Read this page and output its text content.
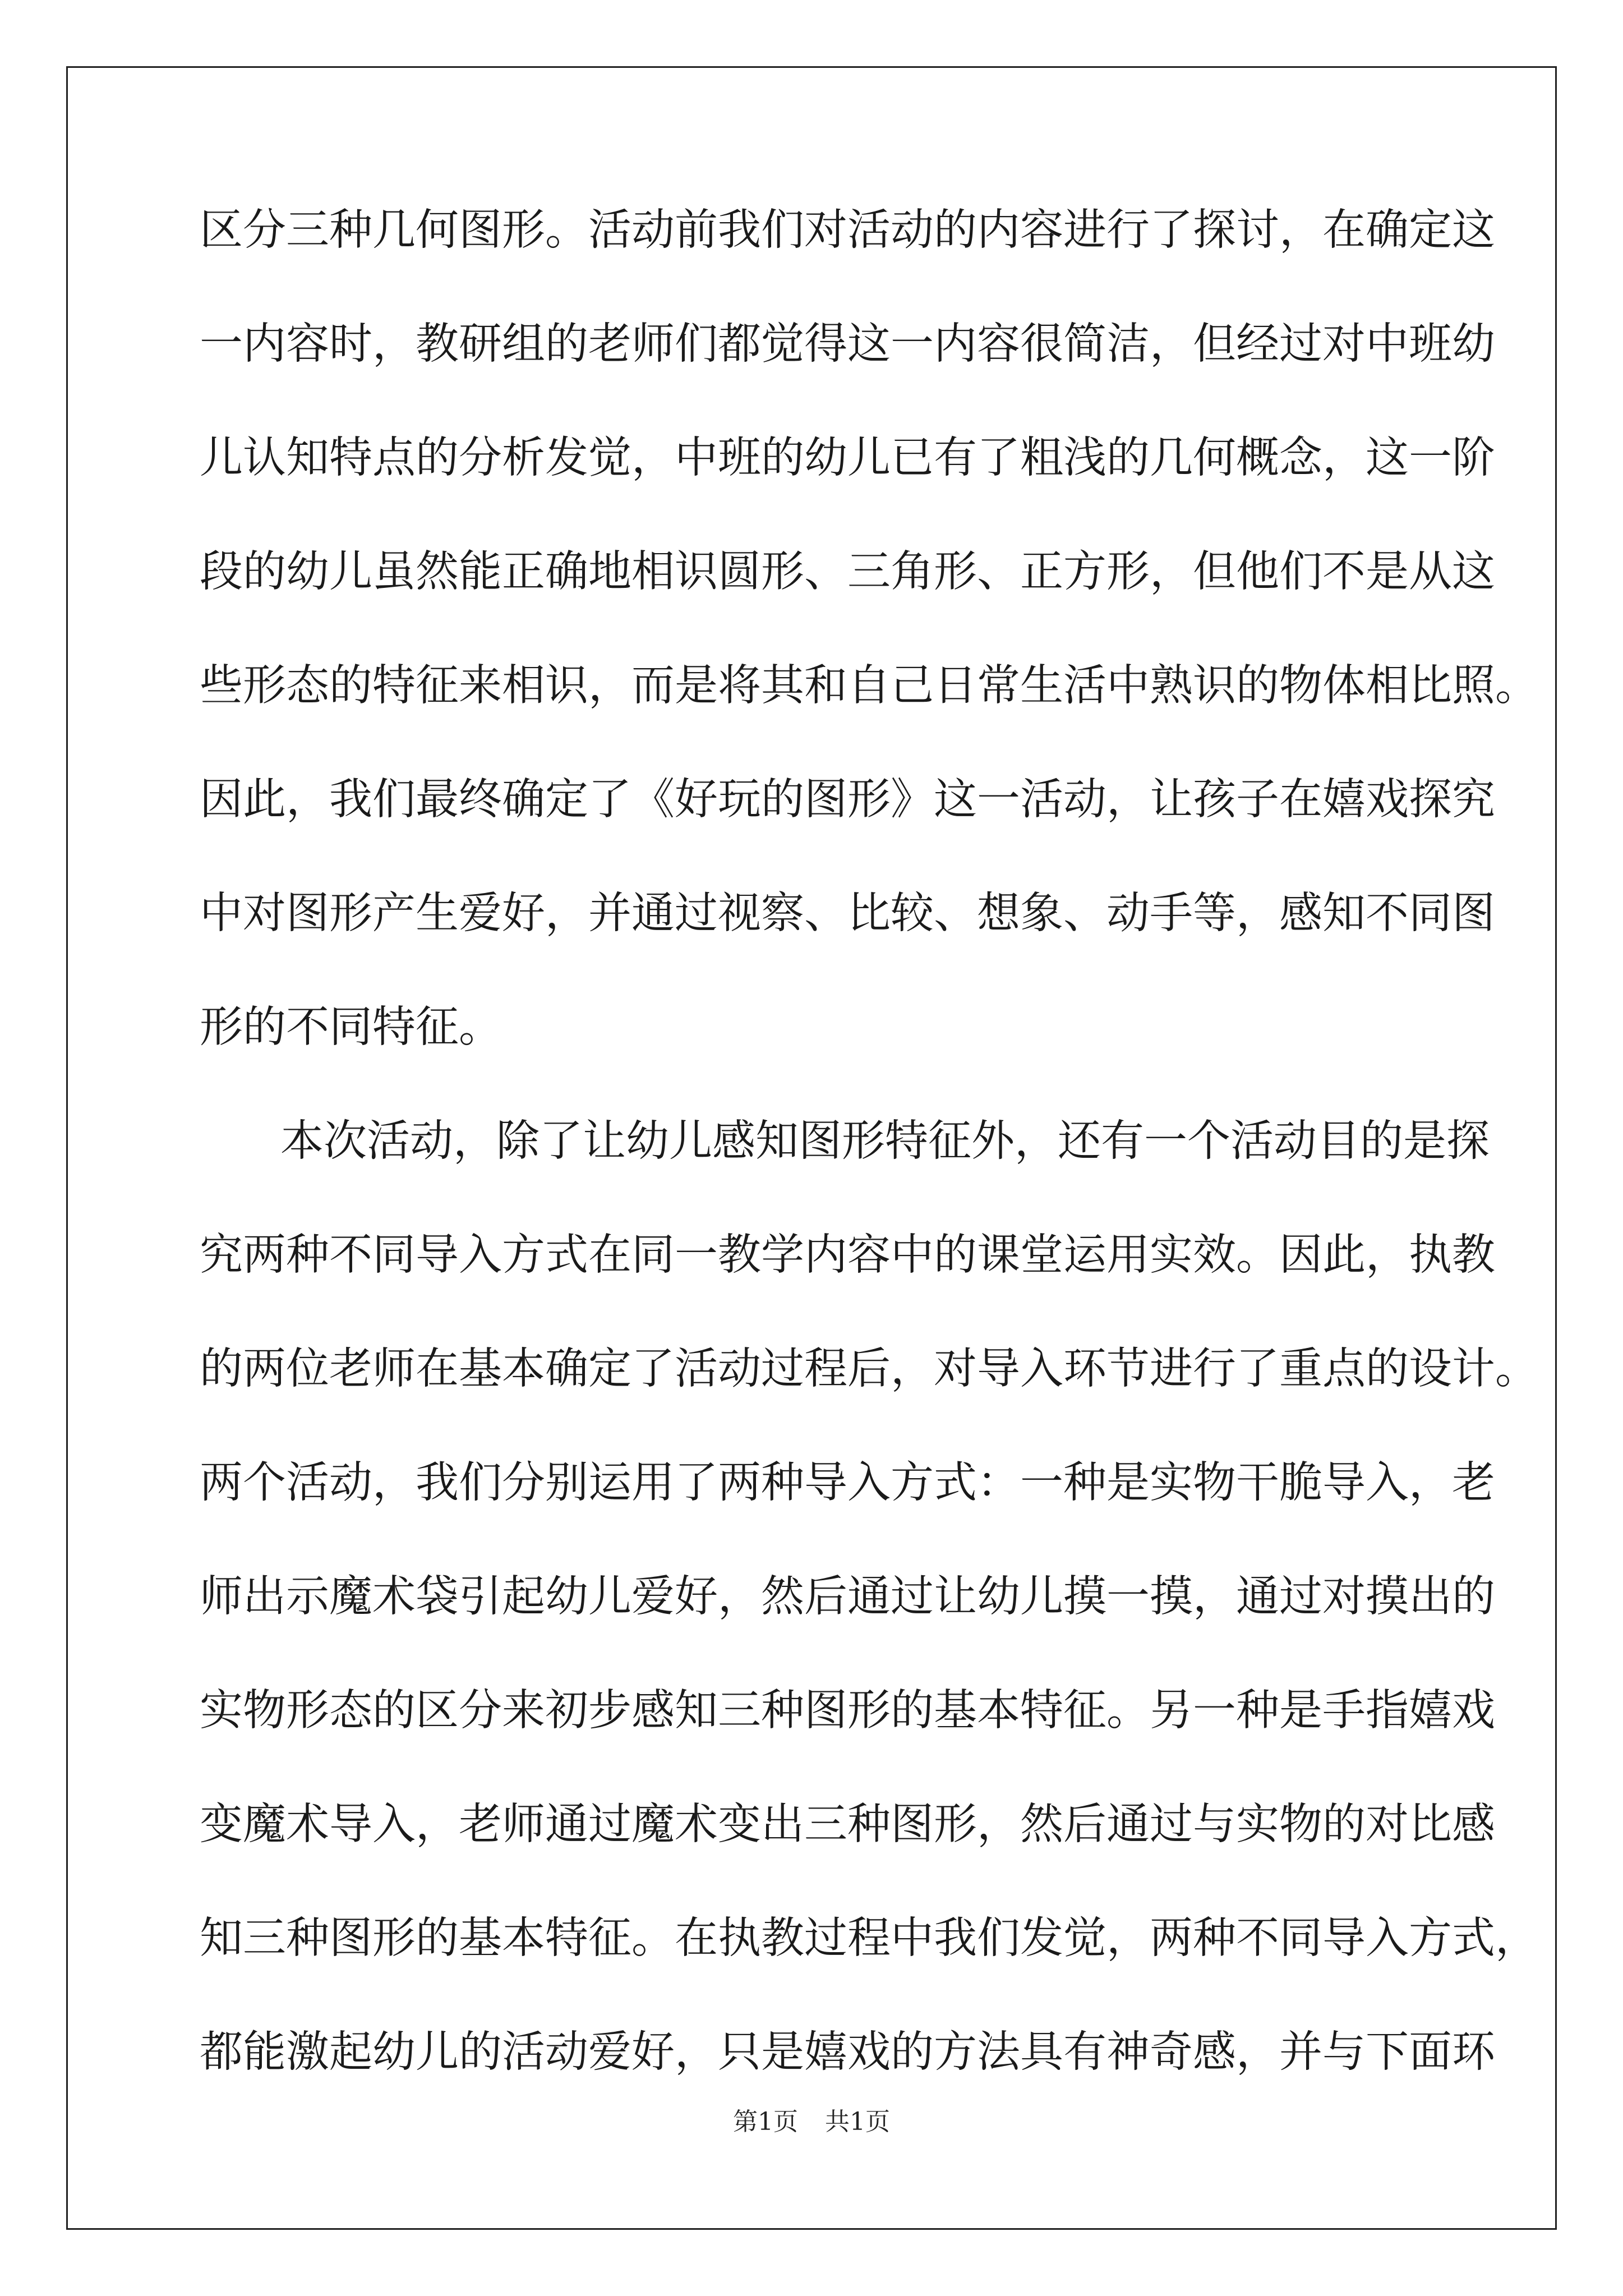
区分三种几何图形。活动前我们对活动的内容进行了探讨，在确定这
一内容时，教研组的老师们都觉得这一内容很简洁，但经过对中班幼
儿认知特点的分析发觉，中班的幼儿已有了粗浅的几何概念，这一阶
段的幼儿虽然能正确地相识圆形、三角形、正方形，但他们不是从这
些形态的特征来相识，而是将其和自己日常生活中熟识的物体相比照。
因此，我们最终确定了《好玩的图形》这一活动，让孩子在嬉戏探究
中对图形产生爱好，并通过视察、比较、想象、动手等，感知不同图
形的不同特征。
本次活动，除了让幼儿感知图形特征外，还有一个活动目的是探
究两种不同导入方式在同一教学内容中的课堂运用实效。因此，执教
的两位老师在基本确定了活动过程后，对导入环节进行了重点的设计。
两个活动，我们分别运用了两种导入方式：一种是实物干脆导入，老
师出示魔术袋引起幼儿爱好，然后通过让幼儿摸一摸，通过对摸出的
实物形态的区分来初步感知三种图形的基本特征。另一种是手指嬉戏
变魔术导入，老师通过魔术变出三种图形，然后通过与实物的对比感
知三种图形的基本特征。在执教过程中我们发觉，两种不同导入方式，
都能激起幼儿的活动爱好，只是嬉戏的方法具有神奇感，并与下面环
第1页 共1页
